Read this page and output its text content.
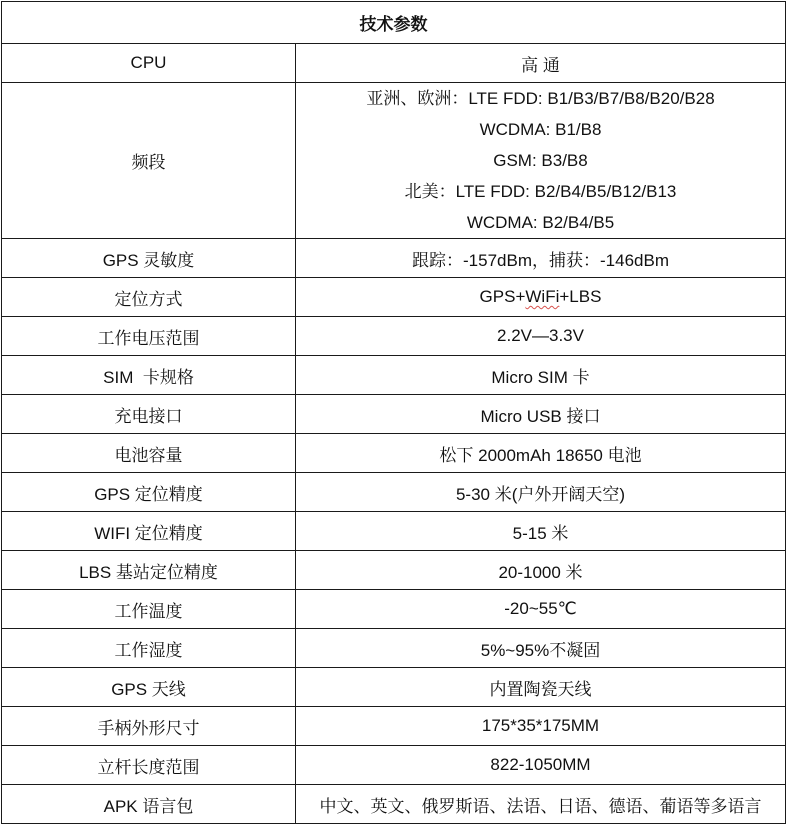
技术参数	
CPU	高 通
频段	亚洲、欧洲：LTE FDD: B1/B3/B7/B8/B20/B28
WCDMA: B1/B8
GSM: B3/B8
北美：LTE FDD: B2/B4/B5/B12/B13
WCDMA: B2/B4/B5

GPS 灵敏度	跟踪：-157dBm，捕获：-146dBm
定位方式	GPS+WiFi+LBS
工作电压范围	2.2V—3.3V
SIM  卡规格	Micro SIM 卡
充电接口	Micro USB 接口
电池容量	松下 2000mAh 18650 电池
GPS 定位精度	5-30 米(户外开阔天空)
WIFI 定位精度	5-15 米
LBS 基站定位精度	20-1000 米
工作温度	-20~55℃
工作湿度	5%~95%不凝固
GPS 天线	内置陶瓷天线
手柄外形尺寸	175*35*175MM
立杆长度范围	822-1050MM
APK 语言包	中文、英文、俄罗斯语、法语、日语、德语、葡语等多语言
